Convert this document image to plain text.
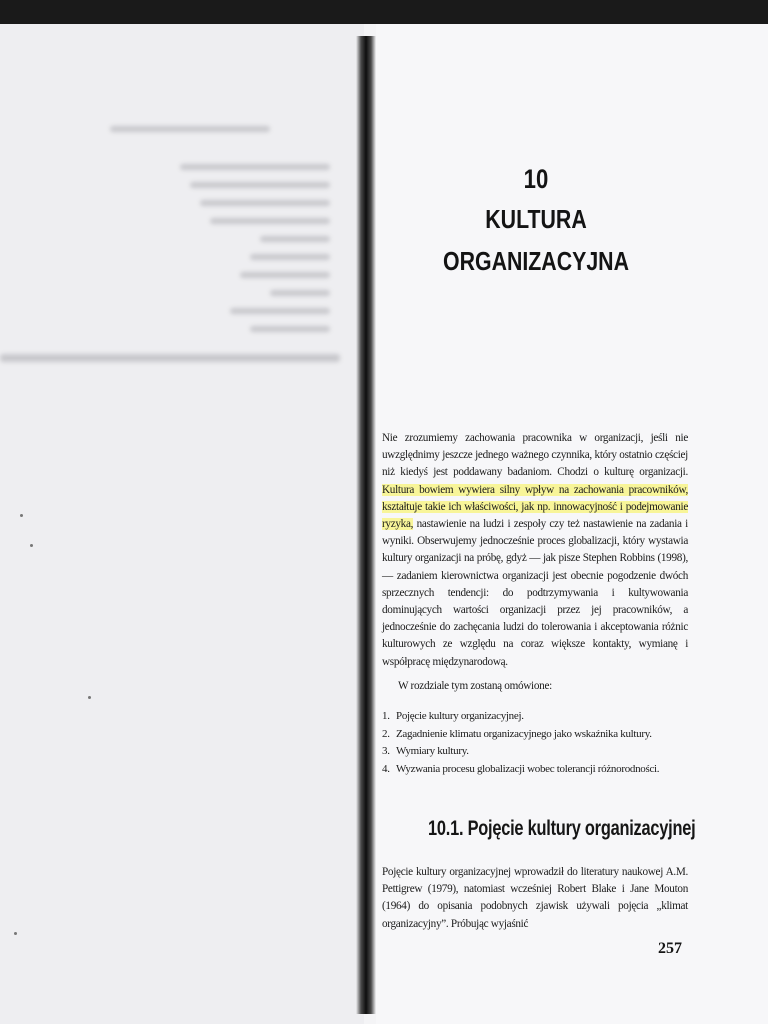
10
KULTURA
ORGANIZACYJNA

Nie zrozumiemy zachowania pracownika w organizacji, jeśli nie uwzględnimy jeszcze jednego ważnego czynnika, który ostatnio częściej niż kiedyś jest poddawany badaniom. Chodzi o kulturę organizacji. Kultura bowiem wywiera silny wpływ na zachowania pracowników, kształtuje takie ich właściwości, jak np. innowacyjność i podejmowanie ryzyka, nastawienie na ludzi i zespoły czy też nastawienie na zadania i wyniki. Obserwujemy jednocześnie proces globalizacji, który wystawia kultury organizacji na próbę, gdyż — jak pisze Stephen Robbins (1998), — zadaniem kierownictwa organizacji jest obecnie pogodzenie dwóch sprzecznych tendencji: do podtrzymywania i kultywowania dominujących wartości organizacji przez jej pracowników, a jednocześnie do zachęcania ludzi do tolerowania i akceptowania różnic kulturowych ze względu na coraz większe kontakty, wymianę i współpracę międzynarodową.

W rozdziale tym zostaną omówione:
1. Pojęcie kultury organizacyjnej.
2. Zagadnienie klimatu organizacyjnego jako wskaźnika kultury.
3. Wymiary kultury.
4. Wyzwania procesu globalizacji wobec tolerancji różnorodności.
10.1. Pojęcie kultury organizacyjnej

Pojęcie kultury organizacyjnej wprowadził do literatury naukowej A.M. Pettigrew (1979), natomiast wcześniej Robert Blake i Jane Mouton (1964) do opisania podobnych zjawisk używali pojęcia „klimat organizacyjny”. Próbując wyjaśnić

257
